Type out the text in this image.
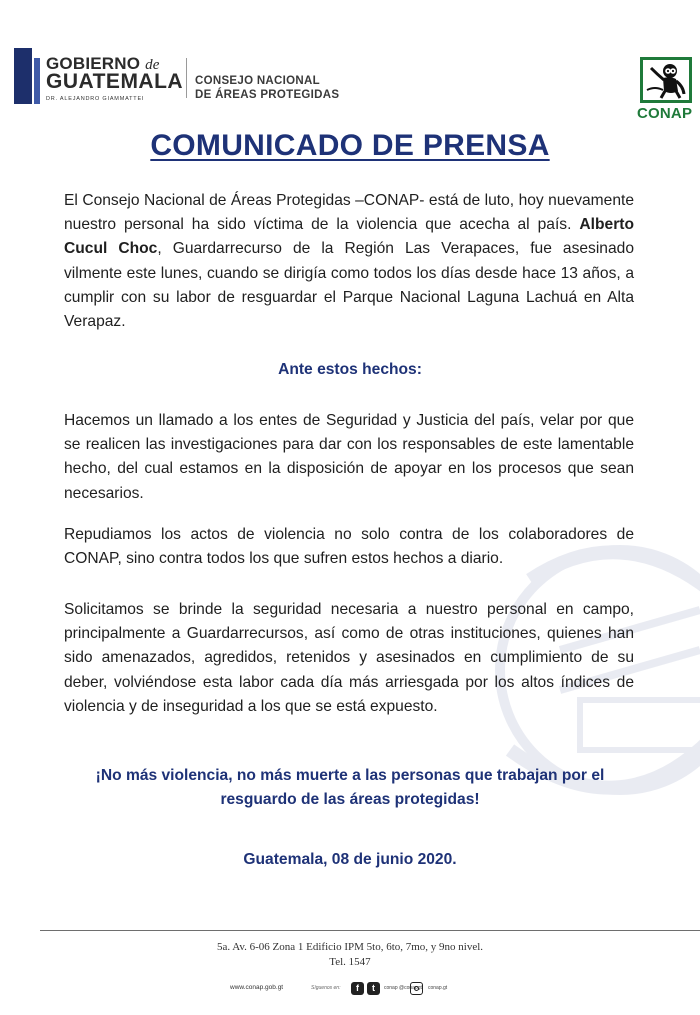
GOBIERNO de
GUATEMALA
DR. ALEJANDRO GIAMMATTEI
CONSEJO NACIONAL
DE ÁREAS PROTEGIDAS
CONAP
COMUNICADO DE PRENSA
El Consejo Nacional de Áreas Protegidas –CONAP- está de luto, hoy nuevamente nuestro personal ha sido víctima de la violencia que acecha al país. Alberto Cucul Choc, Guardarrecurso de la Región Las Verapaces, fue asesinado vilmente este lunes, cuando se dirigía como todos los días desde hace 13 años, a cumplir con su labor de resguardar el Parque Nacional Laguna Lachuá en Alta Verapaz.
Ante estos hechos:
Hacemos un llamado a los entes de Seguridad y Justicia del país, velar por que se realicen las investigaciones para dar con los responsables de este lamentable hecho, del cual estamos en la disposición de apoyar en los procesos que sean necesarios.
Repudiamos los actos de violencia no solo contra de los colaboradores de CONAP, sino contra todos los que sufren estos hechos a diario.
Solicitamos se brinde la seguridad necesaria a nuestro personal en campo, principalmente a Guardarrecursos, así como de otras instituciones, quienes han sido amenazados, agredidos, retenidos y asesinados en cumplimiento de su deber, volviéndose esta labor cada día más arriesgada por los altos índices de violencia y de inseguridad a los que se está expuesto.
¡No más violencia, no más muerte a las personas que trabajan por el resguardo de las áreas protegidas!
Guatemala, 08 de junio 2020.
5a. Av. 6-06 Zona 1 Edificio IPM 5to, 6to, 7mo, y 9no nivel.
Tel. 1547
www.conap.gob.gt	Síguenos en:	f	t	conap @conapgt conap.gt
